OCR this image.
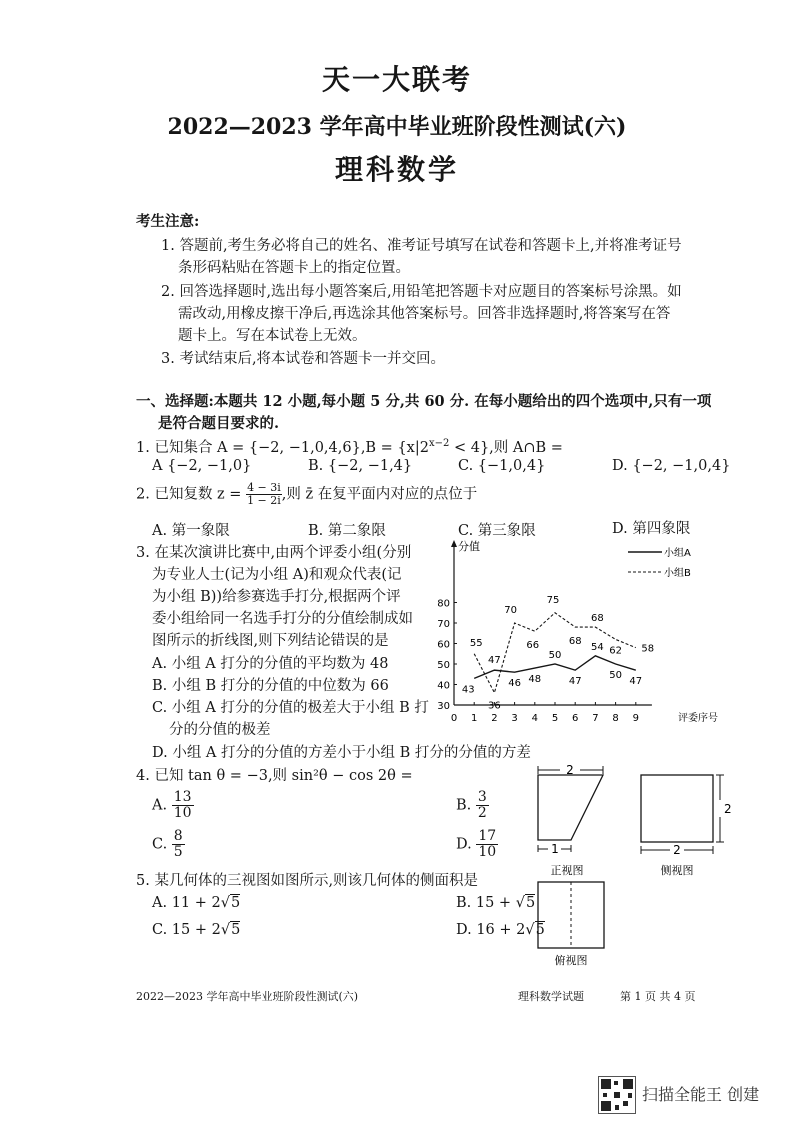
天一大联考
2022—2023 学年高中毕业班阶段性测试(六)
理科数学
考生注意:
1. 答题前,考生务必将自己的姓名、准考证号填写在试卷和答题卡上,并将准考证号
条形码粘贴在答题卡上的指定位置。
2. 回答选择题时,选出每小题答案后,用铅笔把答题卡对应题目的答案标号涂黑。如
需改动,用橡皮擦干净后,再选涂其他答案标号。回答非选择题时,将答案写在答
题卡上。写在本试卷上无效。
3. 考试结束后,将本试卷和答题卡一并交回。
一、选择题:本题共 12 小题,每小题 5 分,共 60 分. 在每小题给出的四个选项中,只有一项
是符合题目要求的.
1. 已知集合 A = {−2, $-1,0,4,6\},B = \{x|2^{x-2} < 4\}$,则 A∩B =
A {−2, −1,0}	B. {−2, −1,4}	C. {−1,0,4}	D. {−2, −1,0,4}
2. 已知复数 $z = \frac{4 - 3i}{1 - 2i}$ ,则 z̄ 在复平面内对应的点位于
A. 第一象限	B. 第二象限	C. 第三象限	D. 第四象限
3. 在某次演讲比赛中,由两个评委小组(分别
为专业人士(记为小组 A)和观众代表(记
为小组 B))给参赛选手打分,根据两个评
委小组给同一名选手打分的分值绘制成如
图所示的折线图,则下列结论错误的是
A. 小组 A 打分的分值的平均数为 48
B. 小组 B 打分的分值的中位数为 66
C. 小组 A 打分的分值的极差大于小组 B 打
分的分值的极差
D. 小组 A 打分的分值的方差小于小组 B 打分的分值的方差
分值
评委序号
30
40
50
60
70
80
0 1 2 3 4 5 6 7 8 9
43
47
46 48
50
47
54
50
47
55
36
70
66
75
68
68
62 58
小组A
小组B
4. 已知 tan θ = −3,则 sin²θ − cos 2θ =
A. $\frac{13}{10}$	B. $\frac{3}{2}$
C. $\frac{8}{5}$	D. $\frac{17}{10}$
5. 某几何体的三视图如图所示,则该几何体的侧面积是
A. 11 + 2√5	B. 15 + √5
C. 15 + 2√5	D. 16 + 2√5
2
1
正视图
2
2
侧视图
俯视图
2022—2023 学年高中毕业班阶段性测试(六)	理科数学试题	第 1 页 共 4 页
扫描全能王 创建
